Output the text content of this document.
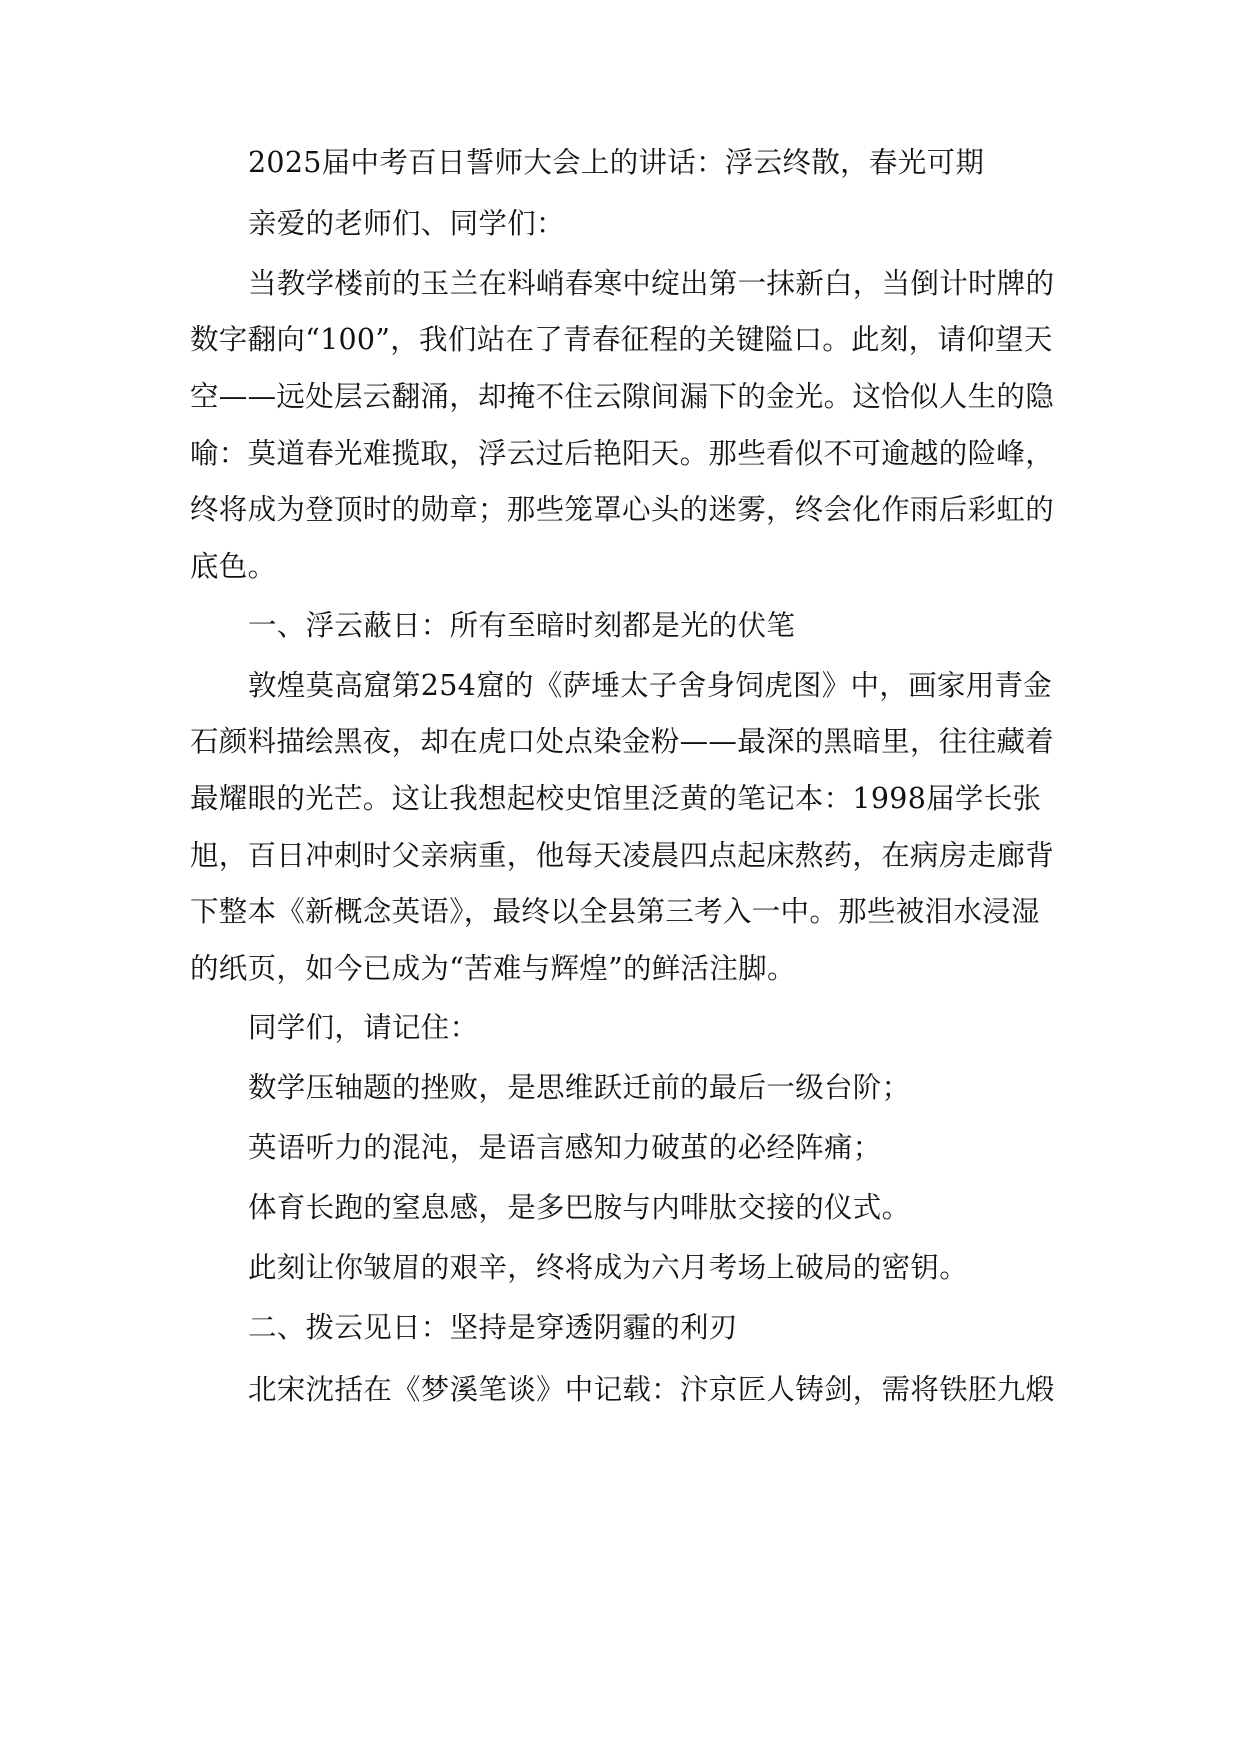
2025届中考百日誓师大会上的讲话：浮云终散，春光可期
亲爱的老师们、同学们：
当教学楼前的玉兰在料峭春寒中绽出第一抹新白，当倒计时牌的
数字翻向“100”，我们站在了青春征程的关键隘口。此刻，请仰望天
空——远处层云翻涌，却掩不住云隙间漏下的金光。这恰似人生的隐
喻：莫道春光难揽取，浮云过后艳阳天。那些看似不可逾越的险峰，
终将成为登顶时的勋章；那些笼罩心头的迷雾，终会化作雨后彩虹的
底色。
一、浮云蔽日：所有至暗时刻都是光的伏笔
敦煌莫高窟第254窟的《萨埵太子舍身饲虎图》中，画家用青金
石颜料描绘黑夜，却在虎口处点染金粉——最深的黑暗里，往往藏着
最耀眼的光芒。这让我想起校史馆里泛黄的笔记本：1998届学长张
旭，百日冲刺时父亲病重，他每天凌晨四点起床熬药，在病房走廊背
下整本《新概念英语》，最终以全县第三考入一中。那些被泪水浸湿
的纸页，如今已成为“苦难与辉煌”的鲜活注脚。
同学们，请记住：
数学压轴题的挫败，是思维跃迁前的最后一级台阶；
英语听力的混沌，是语言感知力破茧的必经阵痛；
体育长跑的窒息感，是多巴胺与内啡肽交接的仪式。
此刻让你皱眉的艰辛，终将成为六月考场上破局的密钥。
二、拨云见日：坚持是穿透阴霾的利刃
北宋沈括在《梦溪笔谈》中记载：汴京匠人铸剑，需将铁胚九煅
